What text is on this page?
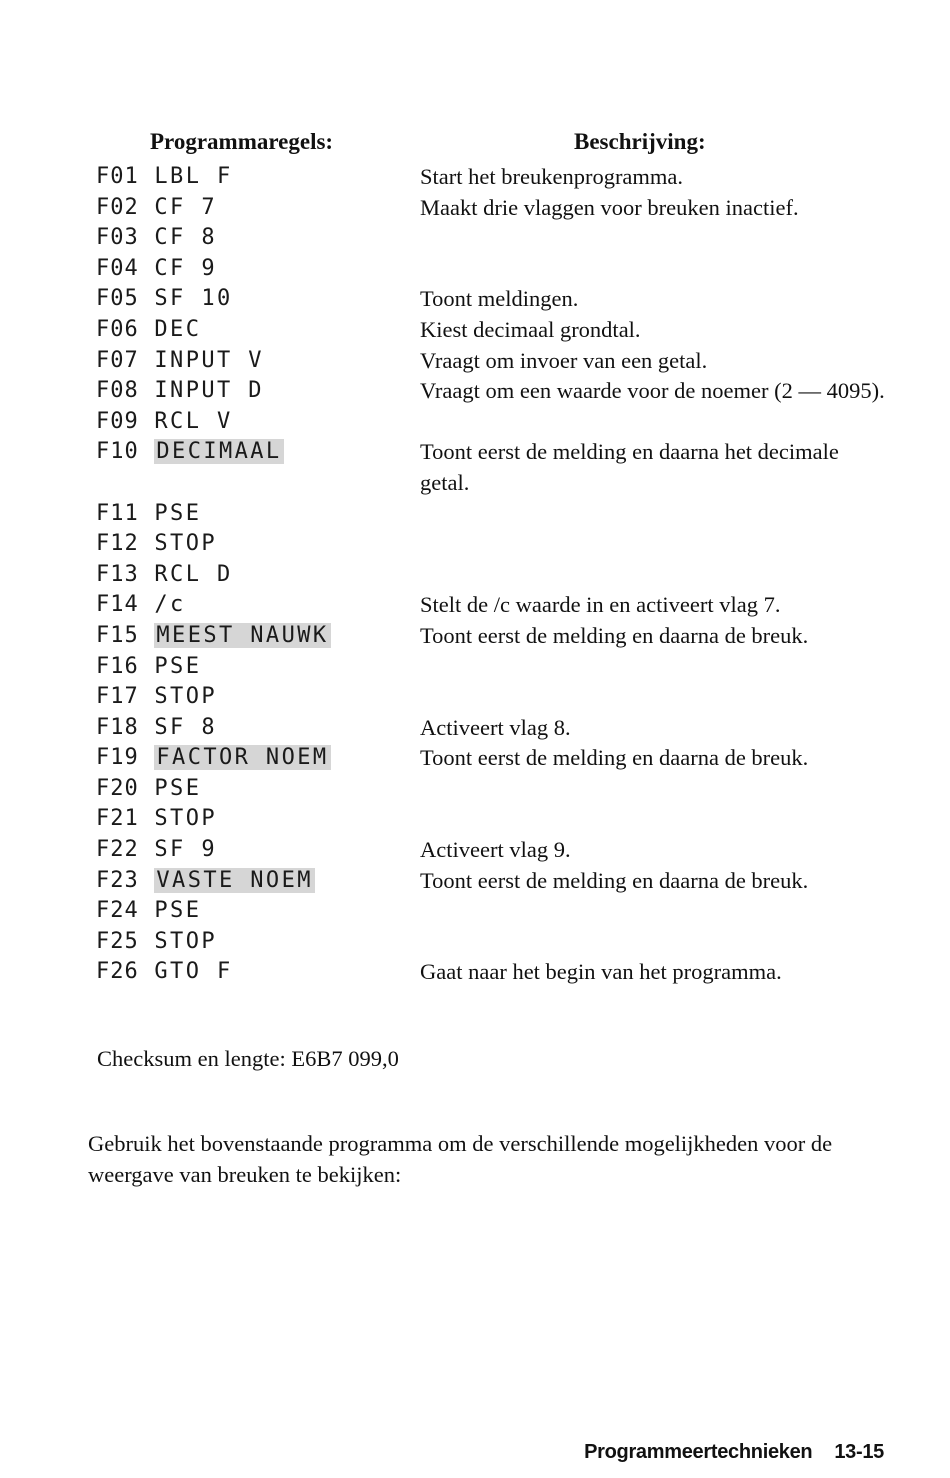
Programmaregels:	Beschrijving:
F01 LBL F	Start het breukenprogramma.
F02 CF 7	Maakt drie vlaggen voor breuken inactief.
F03 CF 8
F04 CF 9
F05 SF 10	Toont meldingen.
F06 DEC	Kiest decimaal grondtal.
F07 INPUT V	Vraagt om invoer van een getal.
F08 INPUT D	Vraagt om een waarde voor de noemer (2 — 4095).
F09 RCL V
F10 DECIMAAL	Toont eerst de melding en daarna het decimale getal.
F11 PSE
F12 STOP
F13 RCL D
F14 /c	Stelt de /c waarde in en activeert vlag 7.
F15 MEEST NAUWK	Toont eerst de melding en daarna de breuk.
F16 PSE
F17 STOP
F18 SF 8	Activeert vlag 8.
F19 FACTOR NOEM	Toont eerst de melding en daarna de breuk.
F20 PSE
F21 STOP
F22 SF 9	Activeert vlag 9.
F23 VASTE NOEM	Toont eerst de melding en daarna de breuk.
F24 PSE
F25 STOP
F26 GTO F	Gaat naar het begin van het programma.
Checksum en lengte: E6B7 099,0
Gebruik het bovenstaande programma om de verschillende mogelijkheden voor de weergave van breuken te bekijken:
Programmeertechnieken 13-15
